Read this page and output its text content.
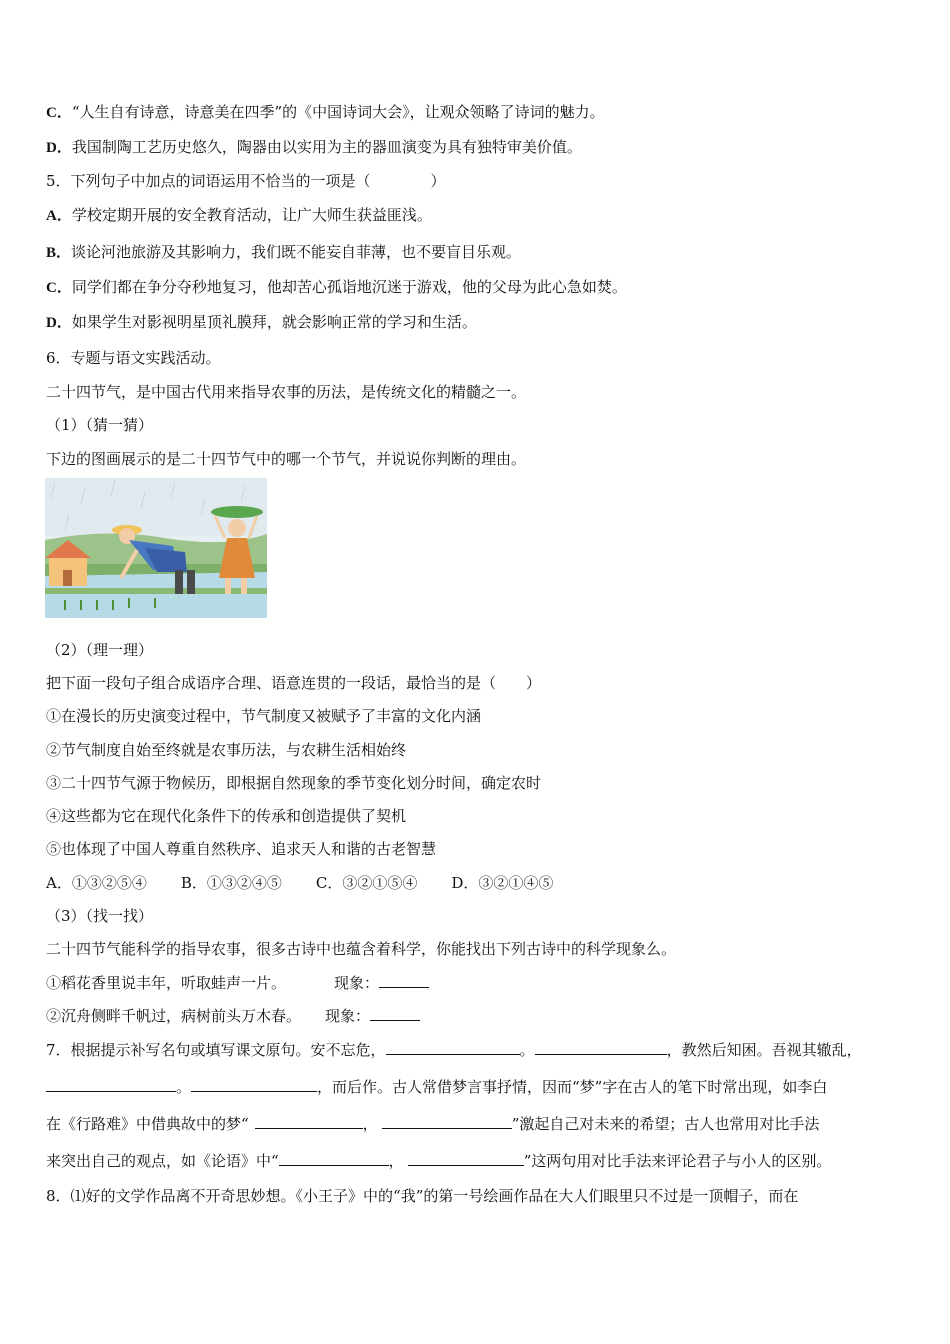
C．“人生自有诗意，诗意美在四季”的《中国诗词大会》，让观众领略了诗词的魅力。
D．我国制陶工艺历史悠久，陶器由以实用为主的器皿演变为具有独特审美价值。
5．下列句子中加点的词语运用不恰当的一项是（　　　　）
A．学校定期开展的安全教育活动，让广大师生获益匪浅。
B．谈论河池旅游及其影响力，我们既不能妄自菲薄，也不要盲目乐观。
C．同学们都在争分夺秒地复习，他却苦心孤诣地沉迷于游戏，他的父母为此心急如焚。
D．如果学生对影视明星顶礼膜拜，就会影响正常的学习和生活。
6．专题与语文实践活动。
二十四节气，是中国古代用来指导农事的历法，是传统文化的精髓之一。
（1）（猜一猜）
下边的图画展示的是二十四节气中的哪一个节气，并说说你判断的理由。
（2）（理一理）
把下面一段句子组合成语序合理、语意连贯的一段话，最恰当的是（　　）
①在漫长的历史演变过程中，节气制度又被赋予了丰富的文化内涵
②节气制度自始至终就是农事历法，与农耕生活相始终
③二十四节气源于物候历，即根据自然现象的季节变化划分时间，确定农时
④这些都为它在现代化条件下的传承和创造提供了契机
⑤也体现了中国人尊重自然秩序、追求天人和谐的古老智慧
A．①③②⑤④ B．①③②④⑤ C．③②①⑤④ D．③②①④⑤
（3）（找一找）
二十四节气能科学的指导农事，很多古诗中也蕴含着科学，你能找出下列古诗中的科学现象么。
①稻花香里说丰年，听取蛙声一片。	现象：
②沉舟侧畔千帆过，病树前头万木春。 现象：
7．根据提示补写名句或填写课文原句。安不忘危，	。	，教然后知困。吾视其辙乱，
。	，而后作。古人常借梦言事抒情，因而“梦”字在古人的笔下时常出现，如李白
在《行路难》中借典故中的梦“	，	”激起自己对未来的希望；古人也常用对比手法
来突出自己的观点，如《论语》中“	，	”这两句用对比手法来评论君子与小人的区别。
8．⑴好的文学作品离不开奇思妙想。《小王子》中的“我”的第一号绘画作品在大人们眼里只不过是一顶帽子，而在
